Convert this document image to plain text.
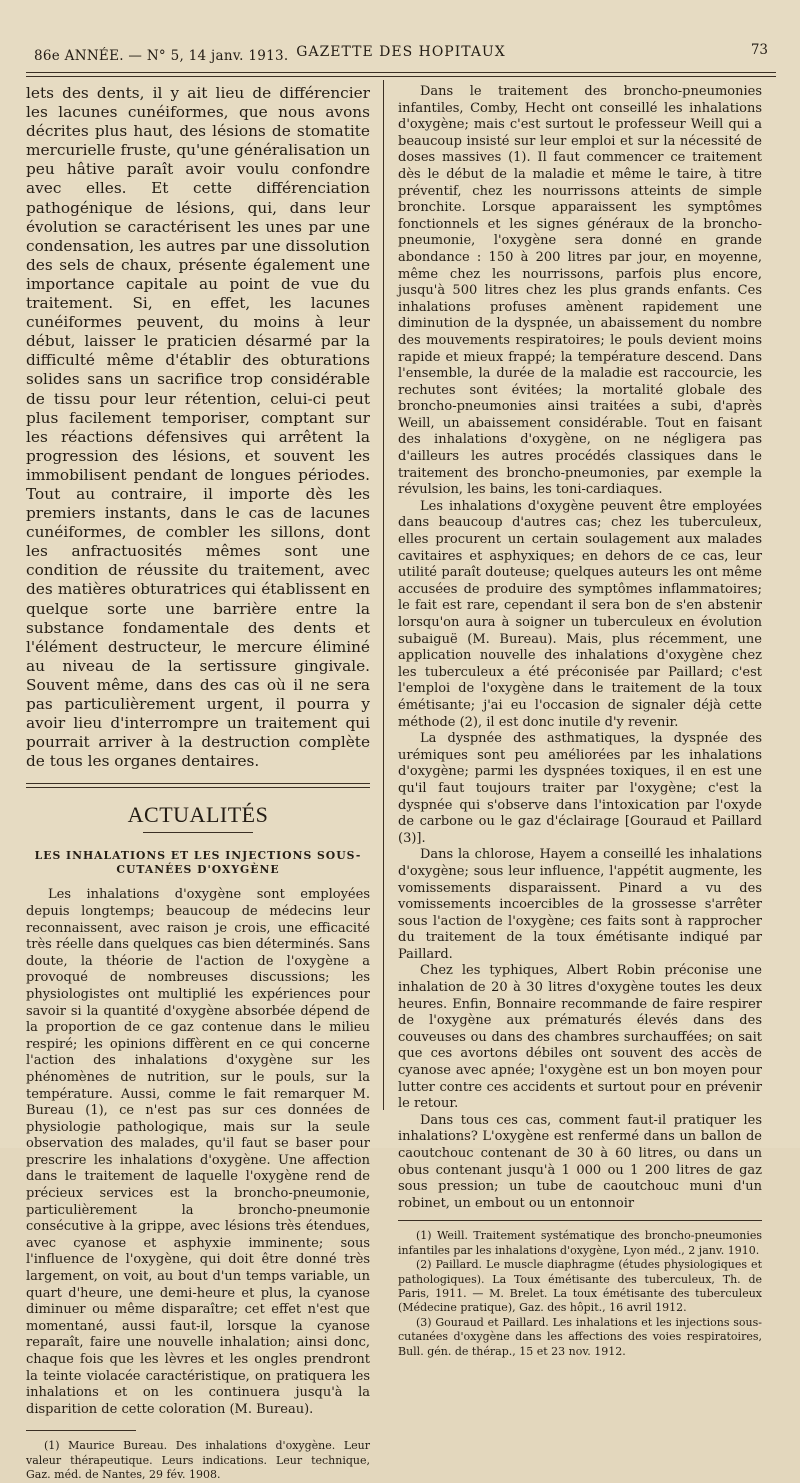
86e ANNÉE. — N° 5, 14 janv. 1913. GAZETTE DES HOPITAUX	73

lets des dents, il y ait lieu de différencier les lacunes cunéiformes, que nous avons décrites plus haut, des lésions de stomatite mercurielle fruste, qu'une généralisation un peu hâtive paraît avoir voulu confondre avec elles. Et cette différenciation pathogénique de lésions, qui, dans leur évolution se caractérisent les unes par une condensation, les autres par une dissolution des sels de chaux, présente également une importance capitale au point de vue du traitement. Si, en effet, les lacunes cunéiformes peuvent, du moins à leur début, laisser le praticien désarmé par la difficulté même d'établir des obturations solides sans un sacrifice trop considérable de tissu pour leur rétention, celui-ci peut plus facilement temporiser, comptant sur les réactions défensives qui arrêtent la progression des lésions, et souvent les immobilisent pendant de longues périodes. Tout au contraire, il importe dès les premiers instants, dans le cas de lacunes cunéiformes, de combler les sillons, dont les anfractuosités mêmes sont une condition de réussite du traitement, avec des matières obturatrices qui établissent en quelque sorte une barrière entre la substance fondamentale des dents et l'élément destructeur, le mercure éliminé au niveau de la sertissure gingivale. Souvent même, dans des cas où il ne sera pas particulièrement urgent, il pourra y avoir lieu d'interrompre un traitement qui pourrait arriver à la destruction complète de tous les organes dentaires.

ACTUALITÉS
LES INHALATIONS ET LES INJECTIONS SOUS-CUTANÉES D'OXYGÈNE

Les inhalations d'oxygène sont employées depuis longtemps; beaucoup de médecins leur reconnaissent, avec raison je crois, une efficacité très réelle dans quelques cas bien déterminés. Sans doute, la théorie de l'action de l'oxygène a provoqué de nombreuses discussions; les physiologistes ont multiplié les expériences pour savoir si la quantité d'oxygène absorbée dépend de la proportion de ce gaz contenue dans le milieu respiré; les opinions diffèrent en ce qui concerne l'action des inhalations d'oxygène sur les phénomènes de nutrition, sur le pouls, sur la température. Aussi, comme le fait remarquer M. Bureau (1), ce n'est pas sur ces données de physiologie pathologique, mais sur la seule observation des malades, qu'il faut se baser pour prescrire les inhalations d'oxygène. Une affection dans le traitement de laquelle l'oxygène rend de précieux services est la broncho-pneumonie, particulièrement la broncho-pneumonie consécutive à la grippe, avec lésions très étendues, avec cyanose et asphyxie imminente; sous l'influence de l'oxygène, qui doit être donné très largement, on voit, au bout d'un temps variable, un quart d'heure, une demi-heure et plus, la cyanose diminuer ou même disparaître; cet effet n'est que momentané, aussi faut-il, lorsque la cyanose reparaît, faire une nouvelle inhalation; ainsi donc, chaque fois que les lèvres et les ongles prendront la teinte violacée caractéristique, on pratiquera les inhalations et on les continuera jusqu'à la disparition de cette coloration (M. Bureau).

(1) Maurice Bureau. Des inhalations d'oxygène. Leur valeur thérapeutique. Leurs indications. Leur technique, Gaz. méd. de Nantes, 29 fév. 1908.

Dans le traitement des broncho-pneumonies infantiles, Comby, Hecht ont conseillé les inhalations d'oxygène; mais c'est surtout le professeur Weill qui a beaucoup insisté sur leur emploi et sur la nécessité de doses massives (1). Il faut commencer ce traitement dès le début de la maladie et même le taire, à titre préventif, chez les nourrissons atteints de simple bronchite. Lorsque apparaissent les symptômes fonctionnels et les signes généraux de la broncho-pneumonie, l'oxygène sera donné en grande abondance : 150 à 200 litres par jour, en moyenne, même chez les nourrissons, parfois plus encore, jusqu'à 500 litres chez les plus grands enfants. Ces inhalations profuses amènent rapidement une diminution de la dyspnée, un abaissement du nombre des mouvements respiratoires; le pouls devient moins rapide et mieux frappé; la température descend. Dans l'ensemble, la durée de la maladie est raccourcie, les rechutes sont évitées; la mortalité globale des broncho-pneumonies ainsi traitées a subi, d'après Weill, un abaissement considérable. Tout en faisant des inhalations d'oxygène, on ne négligera pas d'ailleurs les autres procédés classiques dans le traitement des broncho-pneumonies, par exemple la révulsion, les bains, les toni-cardiaques.

Les inhalations d'oxygène peuvent être employées dans beaucoup d'autres cas; chez les tuberculeux, elles procurent un certain soulagement aux malades cavitaires et asphyxiques; en dehors de ce cas, leur utilité paraît douteuse; quelques auteurs les ont même accusées de produire des symptômes inflammatoires; le fait est rare, cependant il sera bon de s'en abstenir lorsqu'on aura à soigner un tuberculeux en évolution subaiguë (M. Bureau). Mais, plus récemment, une application nouvelle des inhalations d'oxygène chez les tuberculeux a été préconisée par Paillard; c'est l'emploi de l'oxygène dans le traitement de la toux émétisante; j'ai eu l'occasion de signaler déjà cette méthode (2), il est donc inutile d'y revenir.

La dyspnée des asthmatiques, la dyspnée des urémiques sont peu améliorées par les inhalations d'oxygène; parmi les dyspnées toxiques, il en est une qu'il faut toujours traiter par l'oxygène; c'est la dyspnée qui s'observe dans l'intoxication par l'oxyde de carbone ou le gaz d'éclairage [Gouraud et Paillard (3)].

Dans la chlorose, Hayem a conseillé les inhalations d'oxygène; sous leur influence, l'appétit augmente, les vomissements disparaissent. Pinard a vu des vomissements incoercibles de la grossesse s'arrêter sous l'action de l'oxygène; ces faits sont à rapprocher du traitement de la toux émétisante indiqué par Paillard.

Chez les typhiques, Albert Robin préconise une inhalation de 20 à 30 litres d'oxygène toutes les deux heures. Enfin, Bonnaire recommande de faire respirer de l'oxygène aux prématurés élevés dans des couveuses ou dans des chambres surchauffées; on sait que ces avortons débiles ont souvent des accès de cyanose avec apnée; l'oxygène est un bon moyen pour lutter contre ces accidents et surtout pour en prévenir le retour.

Dans tous ces cas, comment faut-il pratiquer les inhalations? L'oxygène est renfermé dans un ballon de caoutchouc contenant de 30 à 60 litres, ou dans un obus contenant jusqu'à 1 000 ou 1 200 litres de gaz sous pression; un tube de caoutchouc muni d'un robinet, un embout ou un entonnoir

(1) Weill. Traitement systématique des broncho-pneumonies infantiles par les inhalations d'oxygène, Lyon méd., 2 janv. 1910.

(2) Paillard. Le muscle diaphragme (études physiologiques et pathologiques). La Toux émétisante des tuberculeux, Th. de Paris, 1911. — M. Brelet. La toux émétisante des tuberculeux (Médecine pratique), Gaz. des hôpit., 16 avril 1912.

(3) Gouraud et Paillard. Les inhalations et les injections sous-cutanées d'oxygène dans les affections des voies respiratoires, Bull. gén. de thérap., 15 et 23 nov. 1912.
